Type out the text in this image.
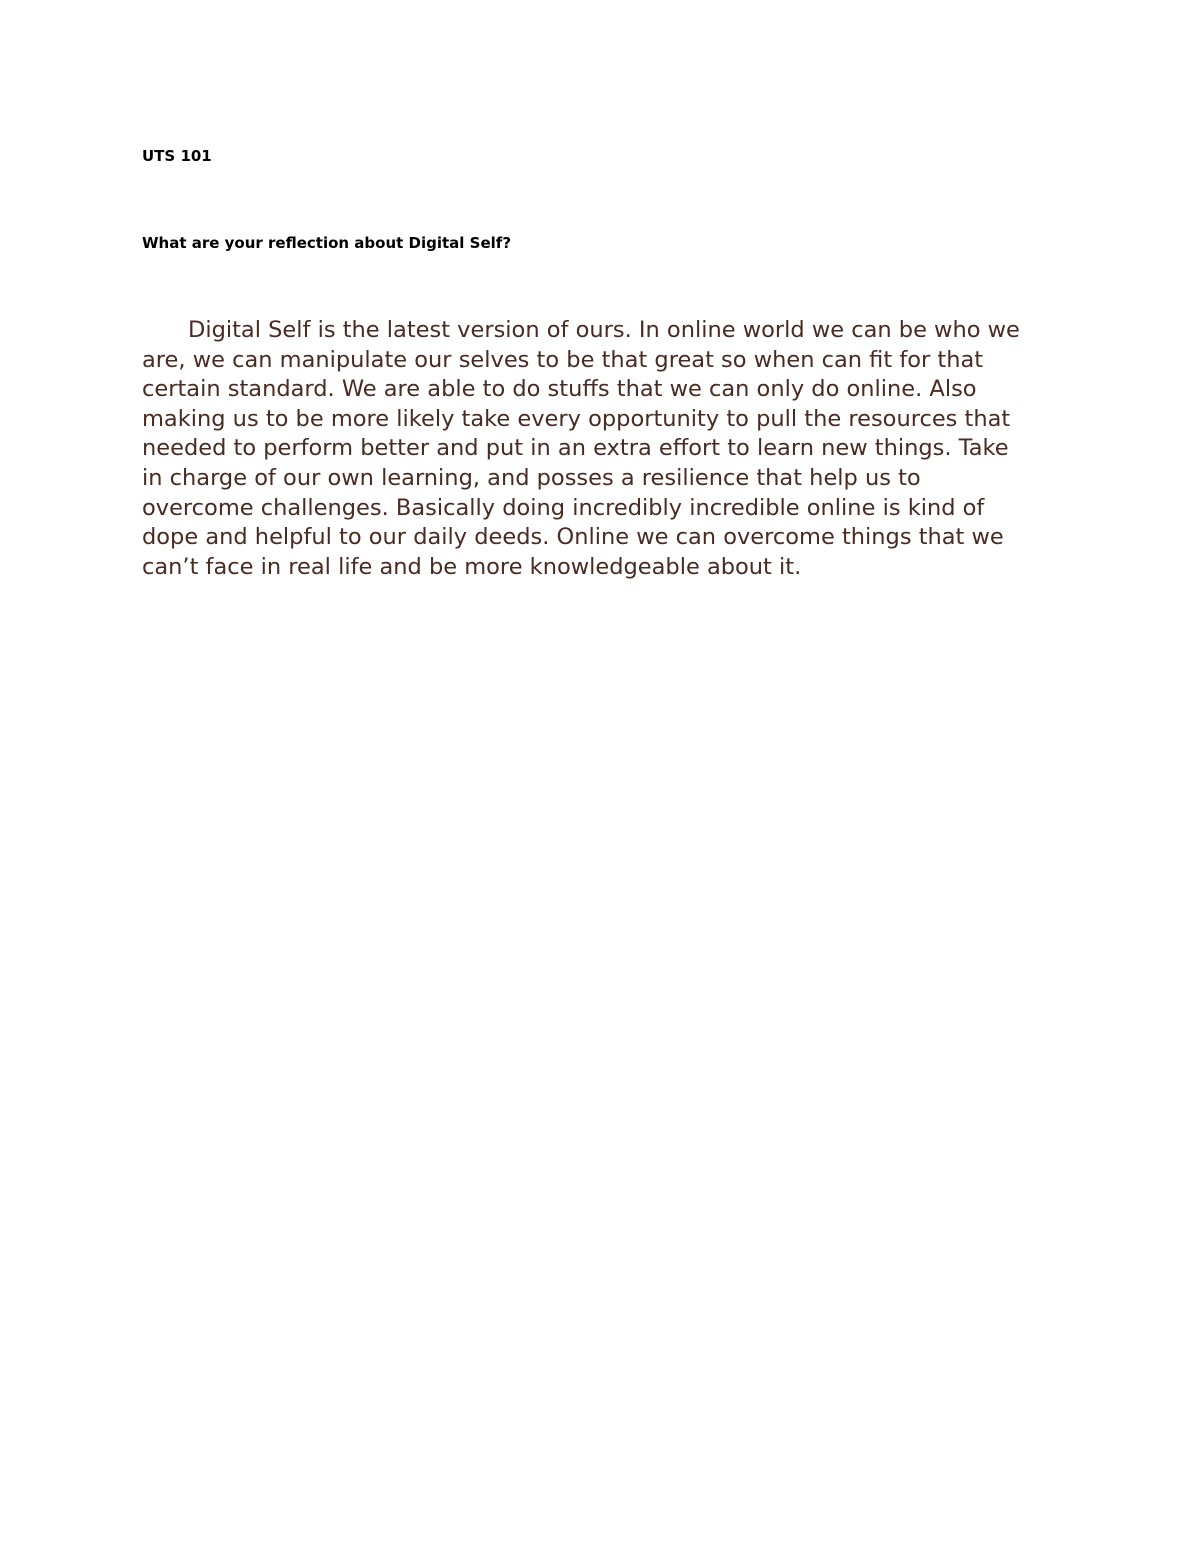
UTS 101
What are your reflection about Digital Self?

Digital Self is the latest version of ours. In online world we can be who we
are, we can manipulate our selves to be that great so when can fit for that
certain standard. We are able to do stuffs that we can only do online. Also
making us to be more likely take every opportunity to pull the resources that
needed to perform better and put in an extra effort to learn new things. Take
in charge of our own learning, and posses a resilience that help us to
overcome challenges. Basically doing incredibly incredible online is kind of
dope and helpful to our daily deeds. Online we can overcome things that we
can’t face in real life and be more knowledgeable about it.
